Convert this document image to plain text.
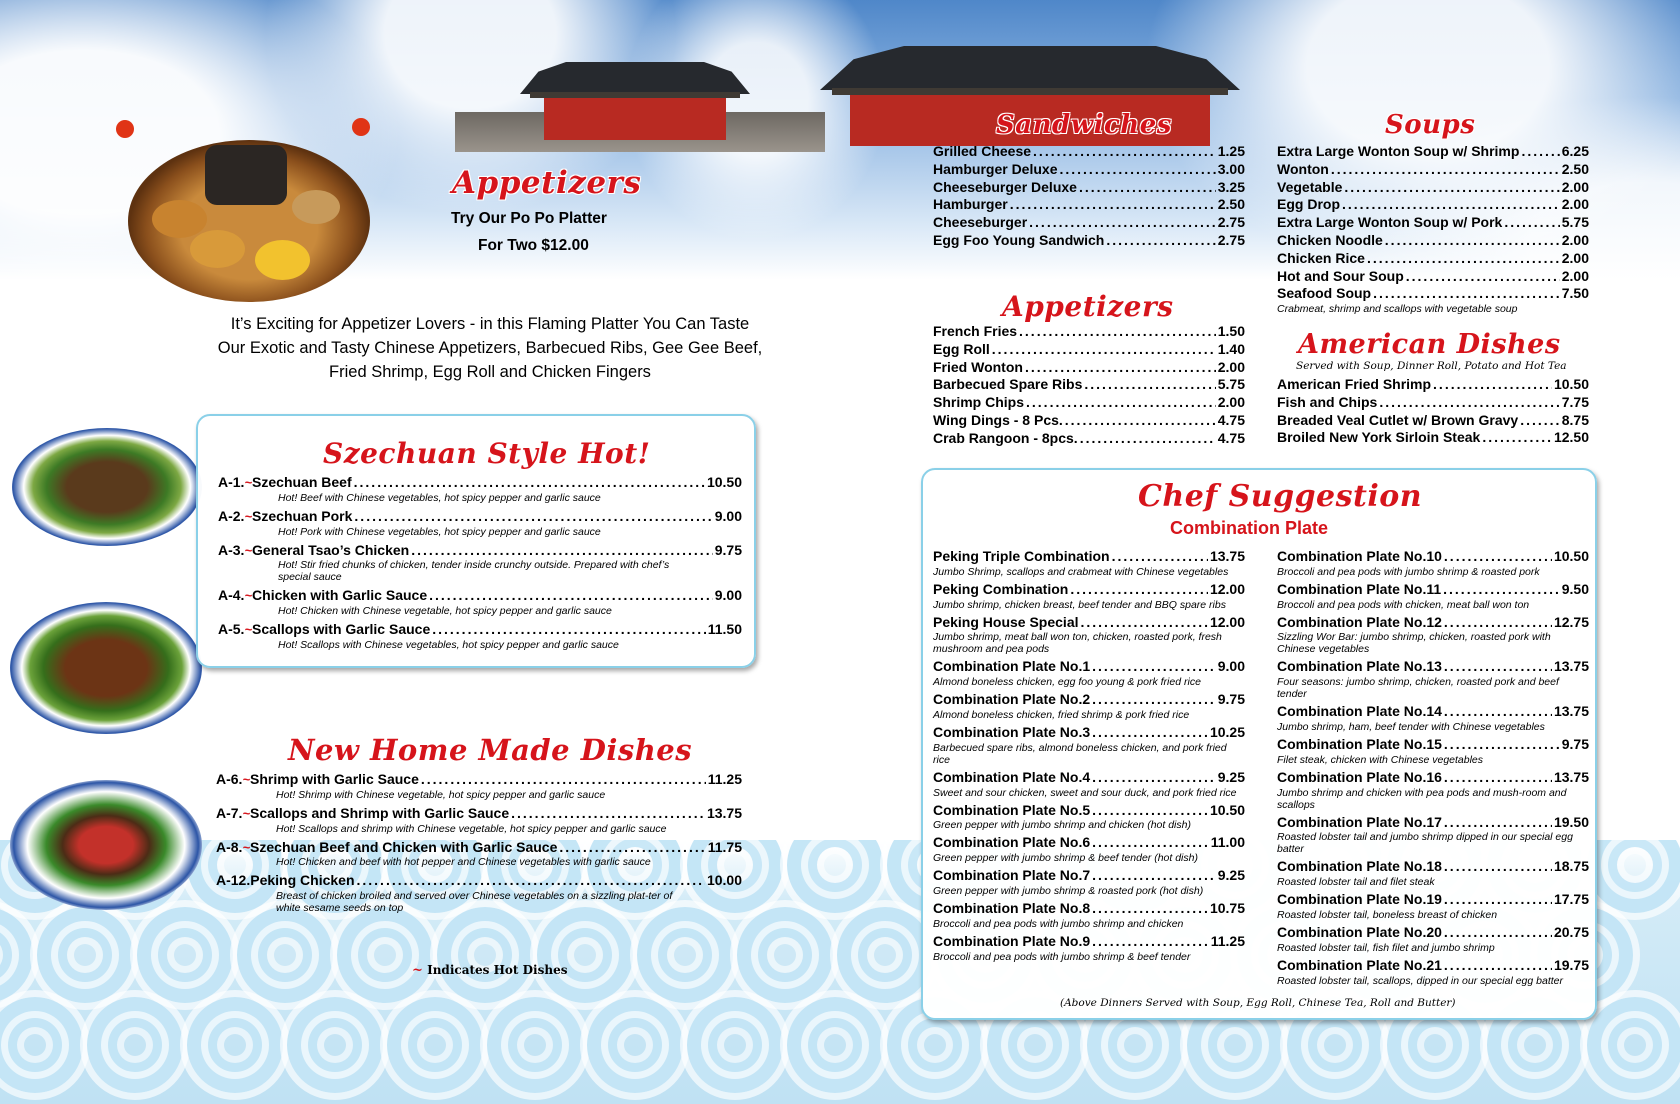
Appetizers
Try Our Po Po Platter
For Two $12.00
It’s Exciting for Appetizer Lovers - in this Flaming Platter You Can Taste
Our Exotic and Tasty Chinese Appetizers, Barbecued Ribs, Gee Gee Beef,
Fried Shrimp, Egg Roll and Chicken Fingers
Szechuan Style Hot!
A-1.~ Szechuan Beef .....	10.50
Hot! Beef with Chinese vegetables, hot spicy pepper and garlic sauce
A-2.~ Szechuan Pork .....	9.00
Hot! Pork with Chinese vegetables, hot spicy pepper and garlic sauce
A-3.~ General Tsao’s Chicken .....	9.75
Hot! Stir fried chunks of chicken, tender inside crunchy outside. Prepared with chef’s special sauce
A-4.~ Chicken with Garlic Sauce .....	9.00
Hot! Chicken with Chinese vegetable, hot spicy pepper and garlic sauce
A-5.~ Scallops with Garlic Sauce .....	11.50
Hot! Scallops with Chinese vegetables, hot spicy pepper and garlic sauce
New Home Made Dishes
A-6.~ Shrimp with Garlic Sauce .....	11.25
Hot! Shrimp with Chinese vegetable, hot spicy pepper and garlic sauce
A-7.~ Scallops and Shrimp with Garlic Sauce .....	13.75
Hot! Scallops and shrimp with Chinese vegetable, hot spicy pepper and garlic sauce
A-8.~ Szechuan Beef and Chicken with Garlic Sauce .....	11.75
Hot! Chicken and beef with hot pepper and Chinese vegetables with garlic sauce
A-12. Peking Chicken .....	10.00
Breast of chicken broiled and served over Chinese vegetables on a sizzling plat-ter of white sesame seeds on top
~ Indicates Hot Dishes
Sandwiches
Grilled Cheese .....	1.25
Hamburger Deluxe .....	3.00
Cheeseburger Deluxe .....	3.25
Hamburger .....	2.50
Cheeseburger .....	2.75
Egg Foo Young Sandwich .....	2.75
Appetizers
French Fries .....	1.50
Egg Roll .....	1.40
Fried Wonton .....	2.00
Barbecued Spare Ribs .....	5.75
Shrimp Chips .....	2.00
Wing Dings - 8 Pcs. .....	4.75
Crab Rangoon - 8pcs. .....	4.75
Soups
Extra Large Wonton Soup w/ Shrimp .....	6.25
Wonton .....	2.50
Vegetable .....	2.00
Egg Drop .....	2.00
Extra Large Wonton Soup w/ Pork .....	5.75
Chicken Noodle .....	2.00
Chicken Rice .....	2.00
Hot and Sour Soup .....	2.00
Seafood Soup .....	7.50
Crabmeat, shrimp and scallops with vegetable soup
American Dishes
Served with Soup, Dinner Roll, Potato and Hot Tea
American Fried Shrimp .....	10.50
Fish and Chips .....	7.75
Breaded Veal Cutlet w/ Brown Gravy .....	8.75
Broiled New York Sirloin Steak .....	12.50
Chef Suggestion
Combination Plate
Peking Triple Combination .....	13.75
Jumbo Shrimp, scallops and crabmeat with Chinese vegetables
Peking Combination .....	12.00
Jumbo shrimp, chicken breast, beef tender and BBQ spare ribs
Peking House Special .....	12.00
Jumbo shrimp, meat ball won ton, chicken, roasted pork, fresh mushroom and pea pods
Combination Plate No.1 .....	9.00
Almond boneless chicken, egg foo young & pork fried rice
Combination Plate No.2 .....	9.75
Almond boneless chicken, fried shrimp & pork fried rice
Combination Plate No.3 .....	10.25
Barbecued spare ribs, almond boneless chicken, and pork fried rice
Combination Plate No.4 .....	9.25
Sweet and sour chicken, sweet and sour duck, and pork fried rice
Combination Plate No.5 .....	10.50
Green pepper with jumbo shrimp and chicken (hot dish)
Combination Plate No.6 .....	11.00
Green pepper with jumbo shrimp & beef tender (hot dish)
Combination Plate No.7 .....	9.25
Green pepper with jumbo shrimp & roasted pork (hot dish)
Combination Plate No.8 .....	10.75
Broccoli and pea pods with jumbo shrimp and chicken
Combination Plate No.9 .....	11.25
Broccoli and pea pods with jumbo shrimp & beef tender
Combination Plate No.10 .....	10.50
Broccoli and pea pods with jumbo shrimp & roasted pork
Combination Plate No.11 .....	9.50
Broccoli and pea pods with chicken, meat ball won ton
Combination Plate No.12 .....	12.75
Sizzling Wor Bar: jumbo shrimp, chicken, roasted pork with Chinese vegetables
Combination Plate No.13 .....	13.75
Four seasons: jumbo shrimp, chicken, roasted pork and beef tender
Combination Plate No.14 .....	13.75
Jumbo shrimp, ham, beef tender with Chinese vegetables
Combination Plate No.15 .....	9.75
Filet steak, chicken with Chinese vegetables
Combination Plate No.16 .....	13.75
Jumbo shrimp and chicken with pea pods and mush-room and scallops
Combination Plate No.17 .....	19.50
Roasted lobster tail and jumbo shrimp dipped in our special egg batter
Combination Plate No.18 .....	18.75
Roasted lobster tail and filet steak
Combination Plate No.19 .....	17.75
Roasted lobster tail, boneless breast of chicken
Combination Plate No.20 .....	20.75
Roasted lobster tail, fish filet and jumbo shrimp
Combination Plate No.21 .....	19.75
Roasted lobster tail, scallops, dipped in our special egg batter
(Above Dinners Served with Soup, Egg Roll, Chinese Tea, Roll and Butter)
